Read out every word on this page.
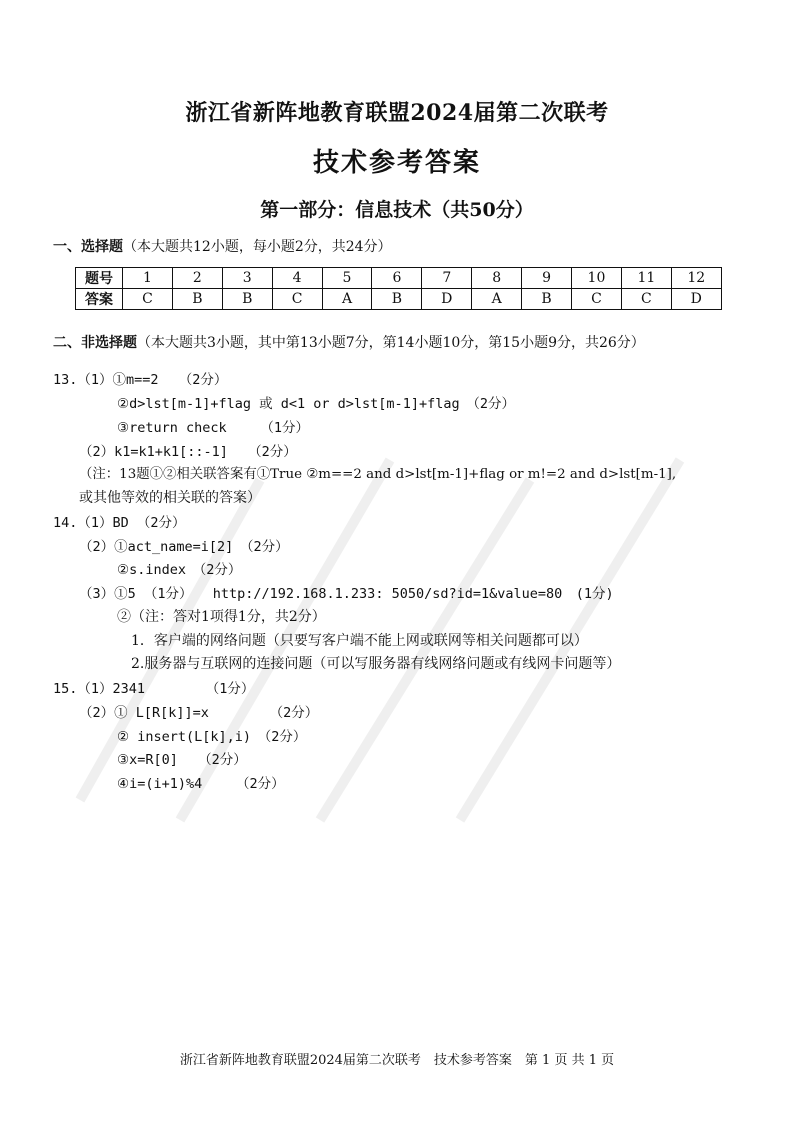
浙江省新阵地教育联盟2024届第二次联考
技术参考答案
第一部分：信息技术（共50分）
一、选择题（本大题共12小题，每小题2分，共24分）
题号	1	2	3	4	5	6	7	8	9	10	11	12
答案	C	B	B	C	A	B	D	A	B	C	C	D
二、非选择题（本大题共3小题，其中第13小题7分，第14小题10分，第15小题9分，共26分）
13.（1）①m==2　　（2分）
②d>lst[m-1]+flag 或 d<1 or d>lst[m-1]+flag　（2分）
③return check　　　（1分）
（2）k1=k1+k1[::-1]　　（2分）
（注：13题①②相关联答案有①True ②m==2 and d>lst[m-1]+flag or m!=2 and d>lst[m-1],
或其他等效的相关联的答案）
14.（1）BD （2分）
（2）①act_name=i[2]　（2分）
②s.index　（2分）
（3）①5 （1分）　　http://192.168.1.233: 5050/sd?id=1&value=80　(1分)
②（注：答对1项得1分，共2分）
1．客户端的网络问题（只要写客户端不能上网或联网等相关问题都可以）
2.服务器与互联网的连接问题（可以写服务器有线网络问题或有线网卡问题等）
15.（1）2341　　　　　（1分）
（2）① L[R[k]]=x　　　　　（2分）
② insert(L[k],i)　（2分）
③x=R[0]　　（2分）
④i=(i+1)%4　　　（2分）
浙江省新阵地教育联盟2024届第二次联考　技术参考答案　第 1 页 共 1 页
